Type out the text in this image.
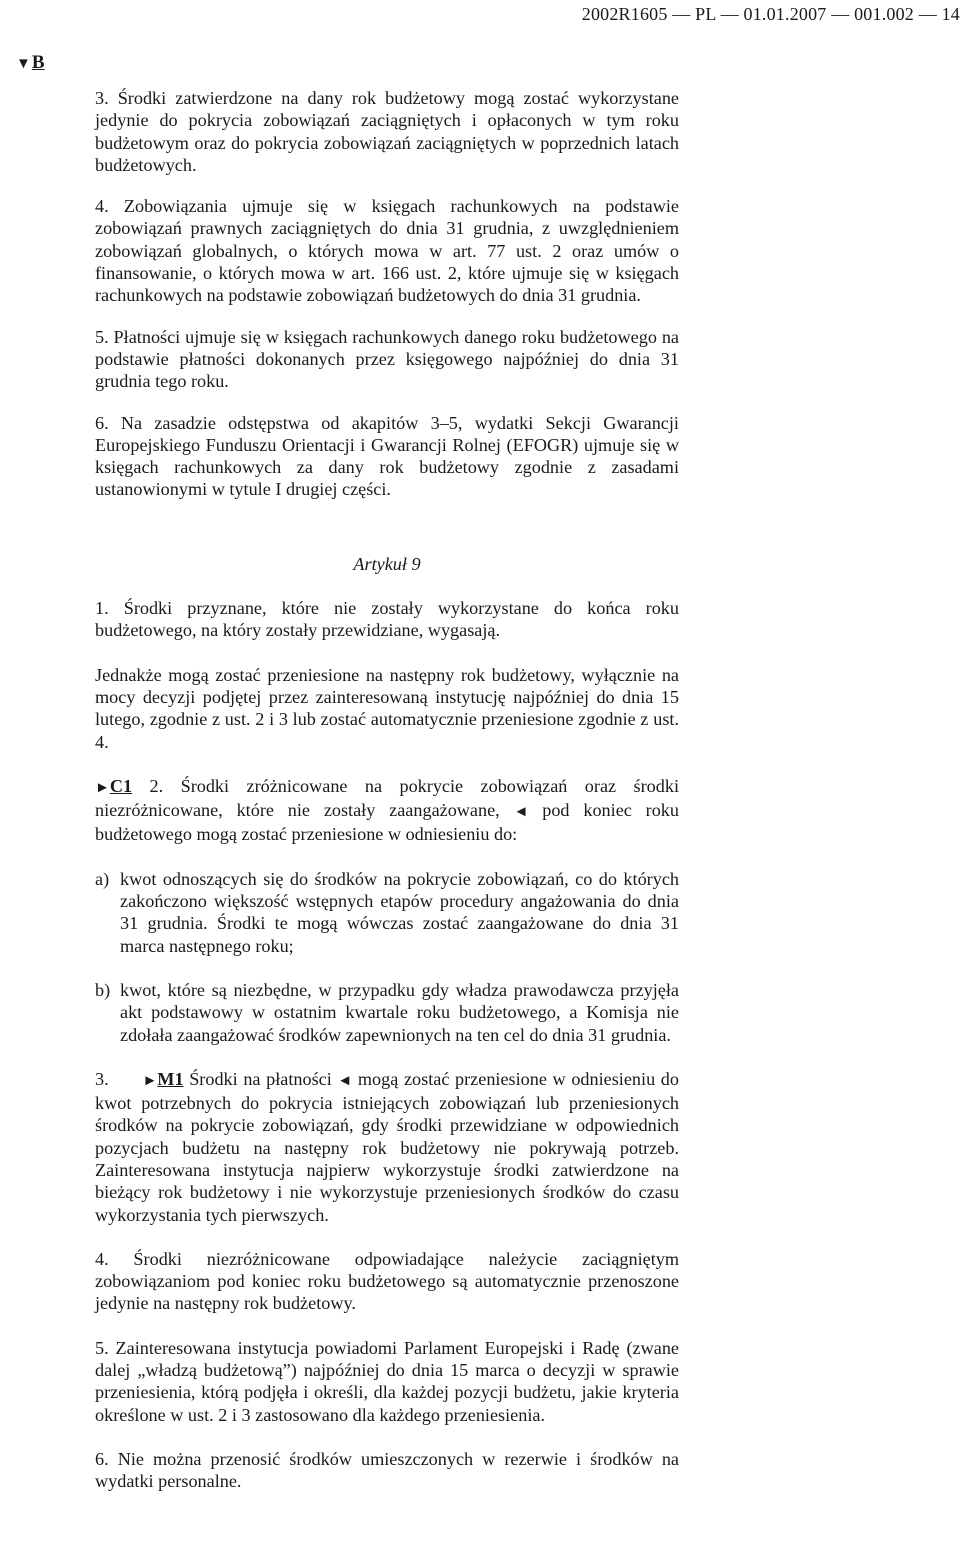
2002R1605 — PL — 01.01.2007 — 001.002 — 14
▼B

3. Środki zatwierdzone na dany rok budżetowy mogą zostać wykorzystane jedynie do pokrycia zobowiązań zaciągniętych i opłaconych w tym roku budżetowym oraz do pokrycia zobowiązań zaciągniętych w poprzednich latach budżetowych.

4. Zobowiązania ujmuje się w księgach rachunkowych na podstawie zobowiązań prawnych zaciągniętych do dnia 31 grudnia, z uwzględnieniem zobowiązań globalnych, o których mowa w art. 77 ust. 2 oraz umów o finansowanie, o których mowa w art. 166 ust. 2, które ujmuje się w księgach rachunkowych na podstawie zobowiązań budżetowych do dnia 31 grudnia.

5. Płatności ujmuje się w księgach rachunkowych danego roku budżetowego na podstawie płatności dokonanych przez księgowego najpóźniej do dnia 31 grudnia tego roku.

6. Na zasadzie odstępstwa od akapitów 3–5, wydatki Sekcji Gwarancji Europejskiego Funduszu Orientacji i Gwarancji Rolnej (EFOGR) ujmuje się w księgach rachunkowych za dany rok budżetowy zgodnie z zasadami ustanowionymi w tytule I drugiej części.

Artykuł 9

1. Środki przyznane, które nie zostały wykorzystane do końca roku budżetowego, na który zostały przewidziane, wygasają.

Jednakże mogą zostać przeniesione na następny rok budżetowy, wyłącznie na mocy decyzji podjętej przez zainteresowaną instytucję najpóźniej do dnia 15 lutego, zgodnie z ust. 2 i 3 lub zostać automatycznie przeniesione zgodnie z ust. 4.

►C1 2. Środki zróżnicowane na pokrycie zobowiązań oraz środki niezróżnicowane, które nie zostały zaangażowane, ◄ pod koniec roku budżetowego mogą zostać przeniesione w odniesieniu do:

a) kwot odnoszących się do środków na pokrycie zobowiązań, co do których zakończono większość wstępnych etapów procedury angażowania do dnia 31 grudnia. Środki te mogą wówczas zostać zaangażowane do dnia 31 marca następnego roku;
b) kwot, które są niezbędne, w przypadku gdy władza prawodawcza przyjęła akt podstawowy w ostatnim kwartale roku budżetowego, a Komisja nie zdołała zaangażować środków zapewnionych na ten cel do dnia 31 grudnia.

3. ►M1 Środki na płatności ◄ mogą zostać przeniesione w odniesieniu do kwot potrzebnych do pokrycia istniejących zobowiązań lub przeniesionych środków na pokrycie zobowiązań, gdy środki przewidziane w odpowiednich pozycjach budżetu na następny rok budżetowy nie pokrywają potrzeb. Zainteresowana instytucja najpierw wykorzystuje środki zatwierdzone na bieżący rok budżetowy i nie wykorzystuje przeniesionych środków do czasu wykorzystania tych pierwszych.

4. Środki niezróżnicowane odpowiadające należycie zaciągniętym zobowiązaniom pod koniec roku budżetowego są automatycznie przenoszone jedynie na następny rok budżetowy.

5. Zainteresowana instytucja powiadomi Parlament Europejski i Radę (zwane dalej „władzą budżetową”) najpóźniej do dnia 15 marca o decyzji w sprawie przeniesienia, którą podjęła i określi, dla każdej pozycji budżetu, jakie kryteria określone w ust. 2 i 3 zastosowano dla każdego przeniesienia.

6. Nie można przenosić środków umieszczonych w rezerwie i środków na wydatki personalne.
